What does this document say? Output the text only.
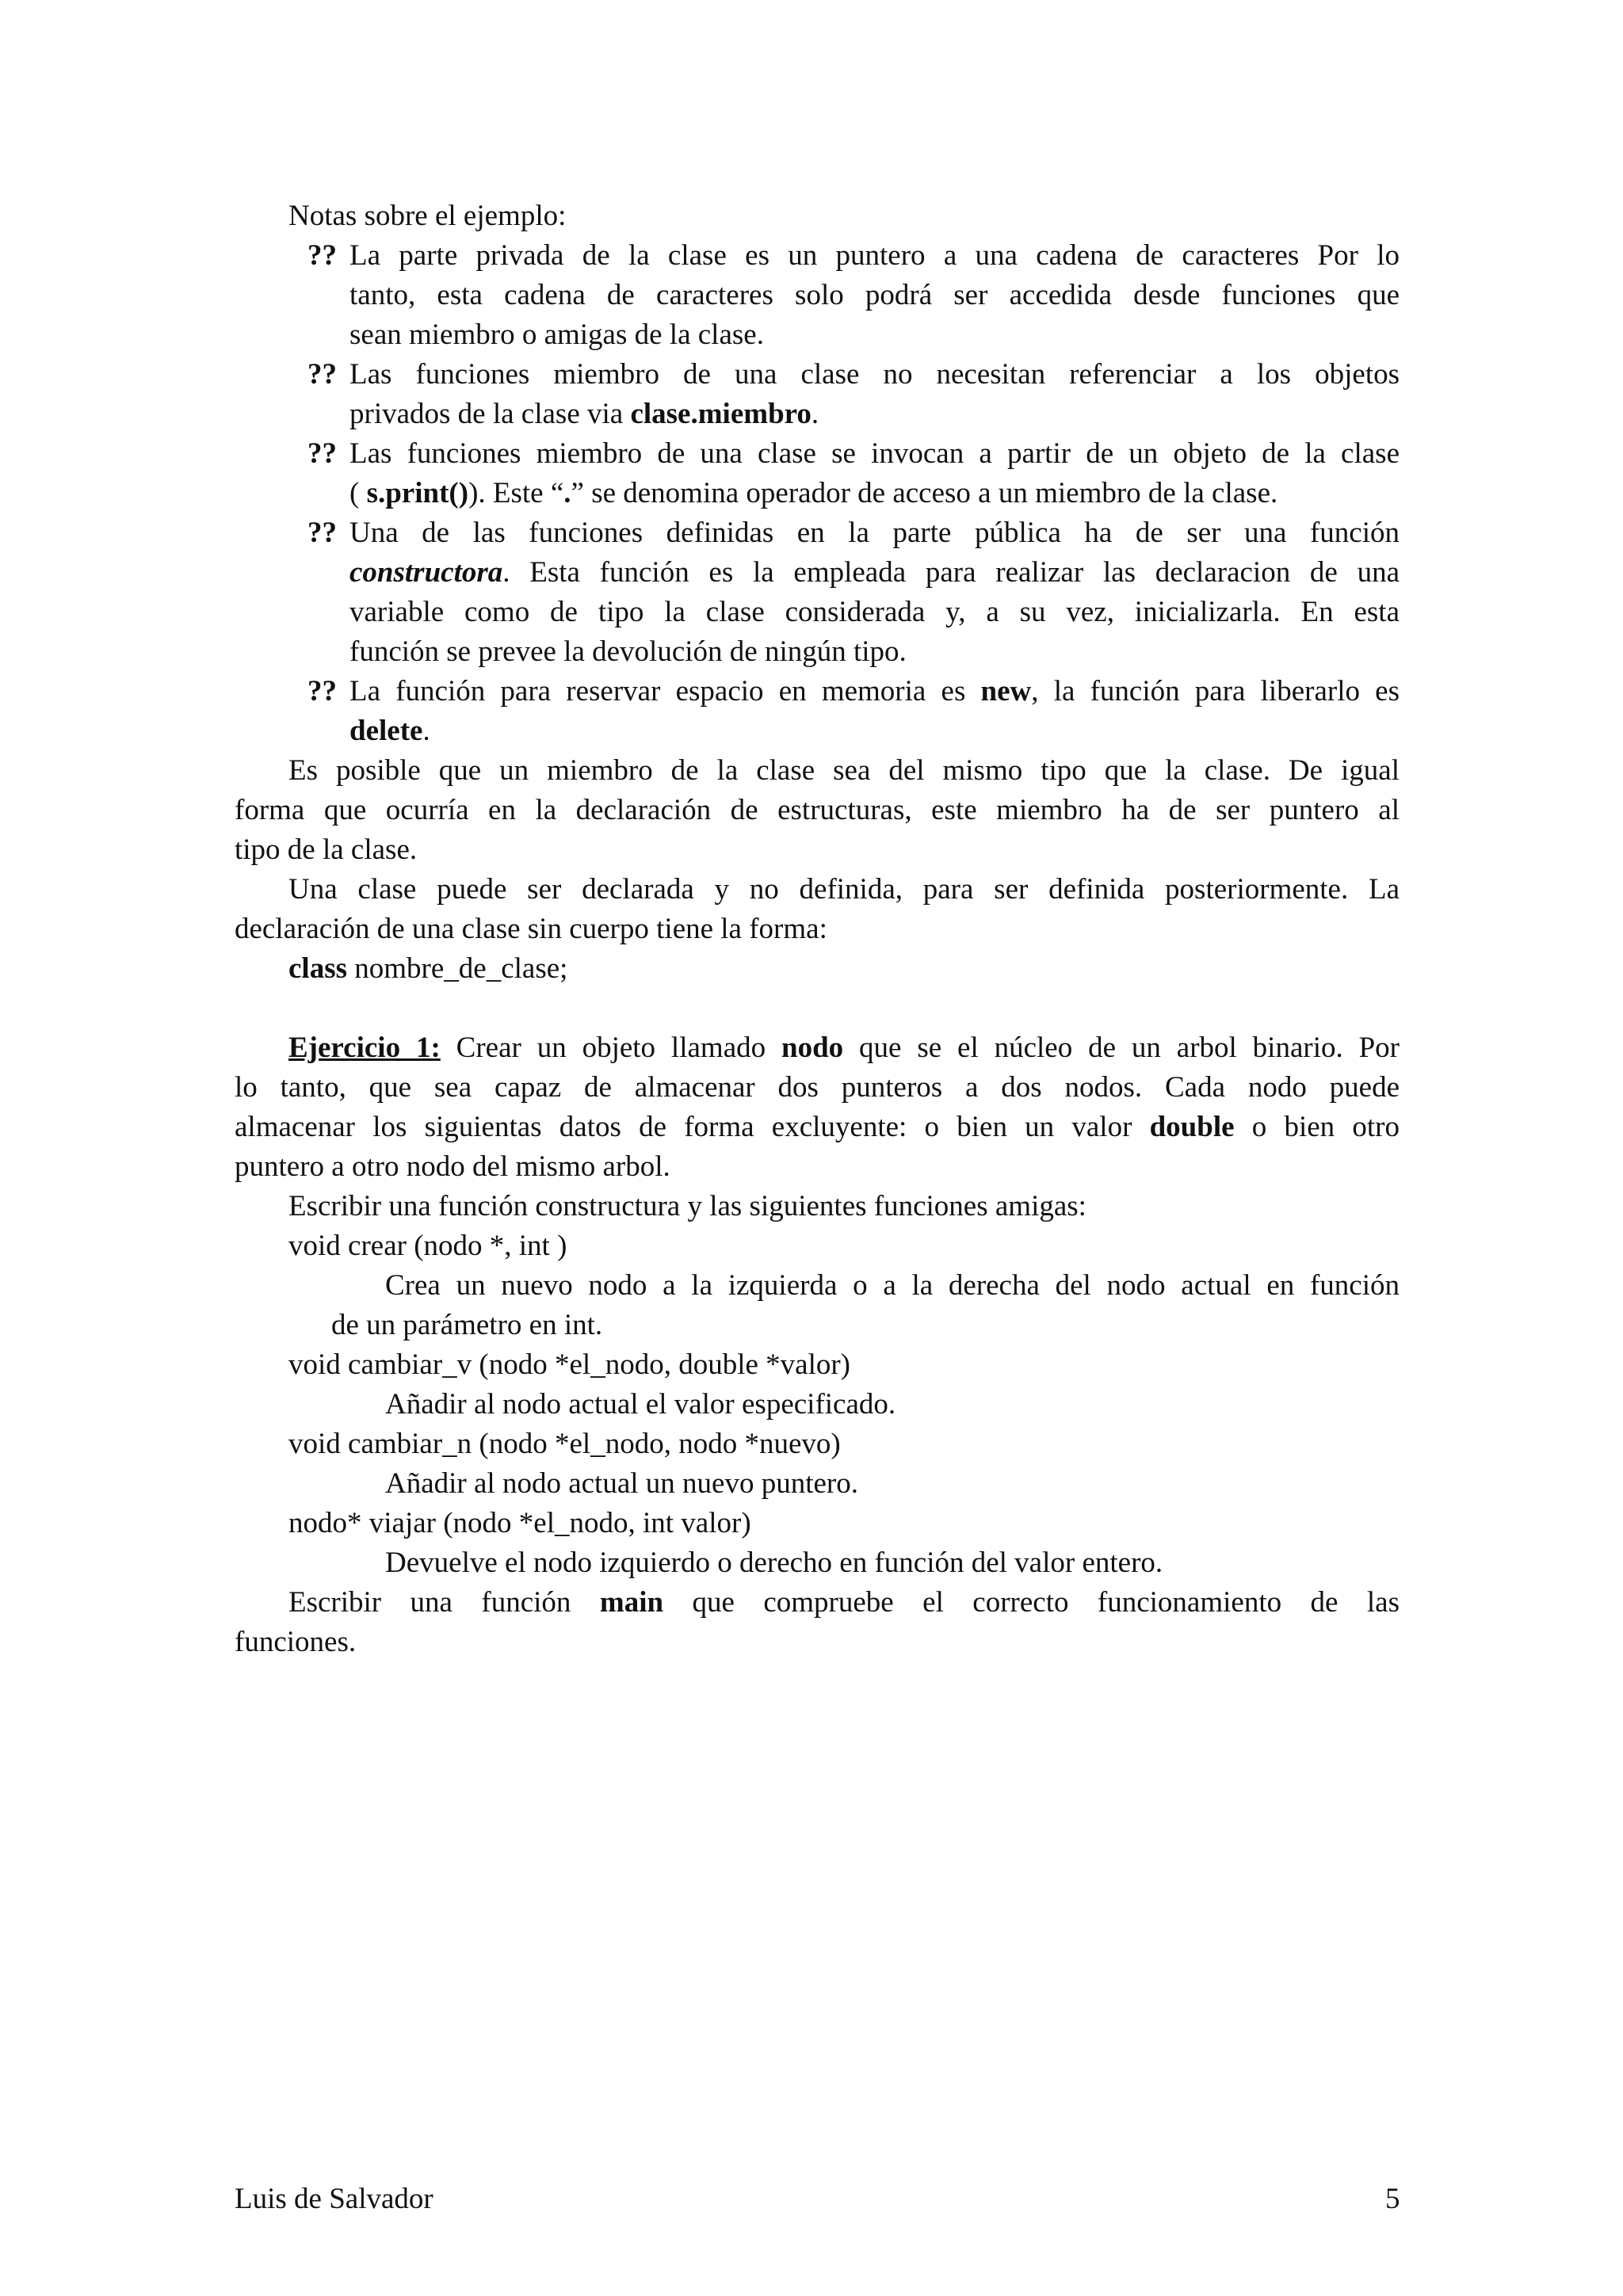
Notas sobre el ejemplo:
?? La parte privada de la clase es un puntero a una cadena de caracteres Por lo
tanto, esta cadena de caracteres solo podrá ser accedida desde funciones que
sean miembro o amigas de la clase.
?? Las funciones miembro de una clase no necesitan referenciar a los objetos
privados de la clase via clase.miembro.
?? Las funciones miembro de una clase se invocan a partir de un objeto de la clase
( s.print()). Este “.” se denomina operador de acceso a un miembro de la clase.
?? Una de las funciones definidas en la parte pública ha de ser una función
constructora. Esta función es la empleada para realizar las declaracion de una
variable como de tipo la clase considerada y, a su vez, inicializarla. En esta
función se prevee la devolución de ningún tipo.
?? La función para reservar espacio en memoria es new, la función para liberarlo es
delete.
Es posible que un miembro de la clase sea del mismo tipo que la clase. De igual
forma que ocurría en la declaración de estructuras, este miembro ha de ser puntero al
tipo de la clase.
Una clase puede ser declarada y no definida, para ser definida posteriormente. La
declaración de una clase sin cuerpo tiene la forma:
class nombre_de_clase;
Ejercicio 1: Crear un objeto llamado nodo que se el núcleo de un arbol binario. Por
lo tanto, que sea capaz de almacenar dos punteros a dos nodos. Cada nodo puede
almacenar los siguientas datos de forma excluyente: o bien un valor double o bien otro
puntero a otro nodo del mismo arbol.
Escribir una función constructura y las siguientes funciones amigas:
void crear (nodo *, int )
Crea un nuevo nodo a la izquierda o a la derecha del nodo actual en función
de un parámetro en int.
void cambiar_v (nodo *el_nodo, double *valor)
Añadir al nodo actual el valor especificado.
void cambiar_n (nodo *el_nodo, nodo *nuevo)
Añadir al nodo actual un nuevo puntero.
nodo* viajar (nodo *el_nodo, int valor)
Devuelve el nodo izquierdo o derecho en función del valor entero.
Escribir una función main que compruebe el correcto funcionamiento de las
funciones.
Luis de Salvador	5
